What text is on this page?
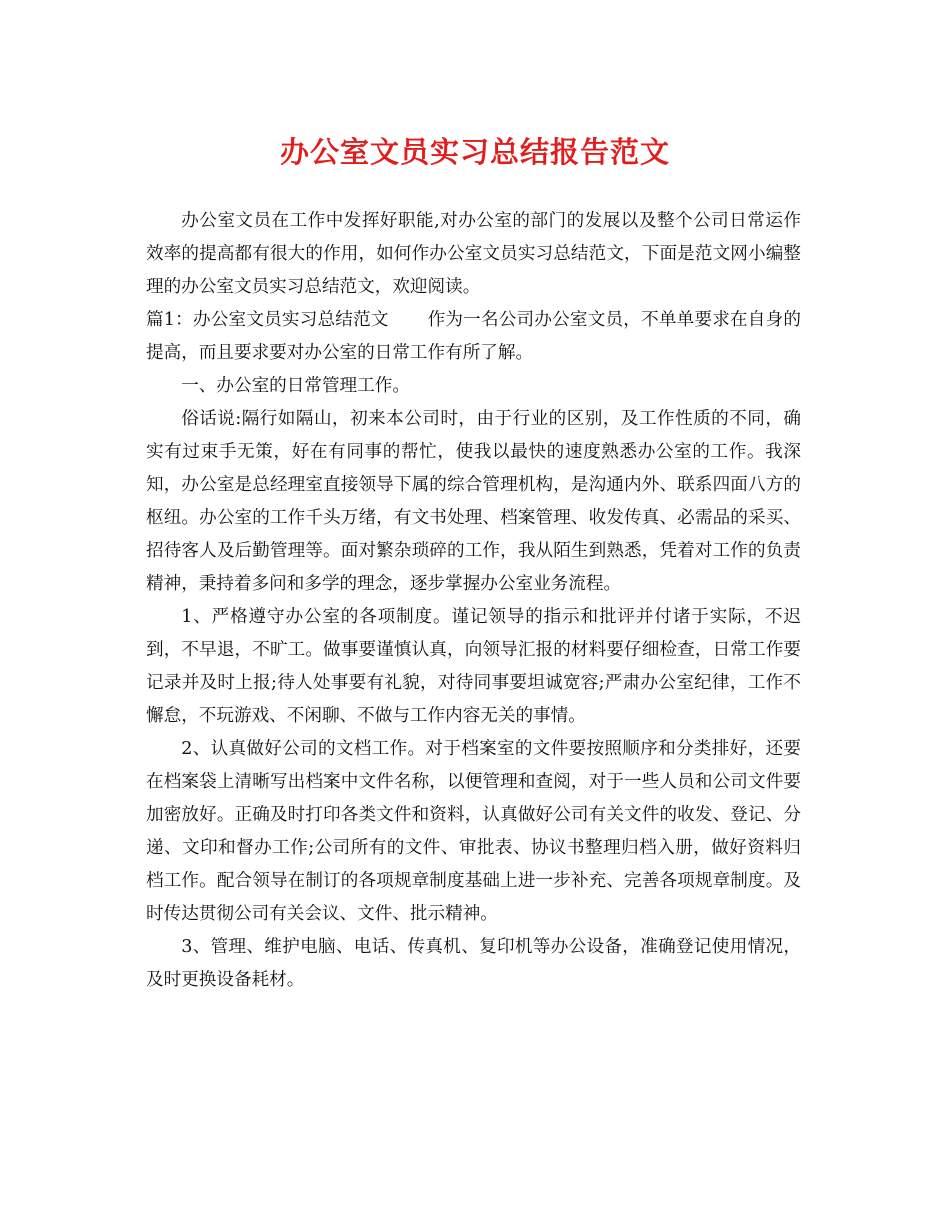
办公室文员实习总结报告范文

办公室文员在工作中发挥好职能,对办公室的部门的发展以及整个公司日常运作效率的提高都有很大的作用，如何作办公室文员实习总结范文，下面是范文网小编整理的办公室文员实习总结范文，欢迎阅读。

篇1：办公室文员实习总结范文 作为一名公司办公室文员，不单单要求在自身的提高，而且要求要对办公室的日常工作有所了解。

一、办公室的日常管理工作。

俗话说:隔行如隔山，初来本公司时，由于行业的区别，及工作性质的不同，确实有过束手无策，好在有同事的帮忙，使我以最快的速度熟悉办公室的工作。我深知，办公室是总经理室直接领导下属的综合管理机构，是沟通内外、联系四面八方的枢纽。办公室的工作千头万绪，有文书处理、档案管理、收发传真、必需品的采买、招待客人及后勤管理等。面对繁杂琐碎的工作，我从陌生到熟悉，凭着对工作的负责精神，秉持着多问和多学的理念，逐步掌握办公室业务流程。

1、严格遵守办公室的各项制度。谨记领导的指示和批评并付诸于实际，不迟到，不早退，不旷工。做事要谨慎认真，向领导汇报的材料要仔细检查，日常工作要记录并及时上报;待人处事要有礼貌，对待同事要坦诚宽容;严肃办公室纪律，工作不懈怠，不玩游戏、不闲聊、不做与工作内容无关的事情。

2、认真做好公司的文档工作。对于档案室的文件要按照顺序和分类排好，还要在档案袋上清晰写出档案中文件名称，以便管理和查阅，对于一些人员和公司文件要加密放好。正确及时打印各类文件和资料，认真做好公司有关文件的收发、登记、分递、文印和督办工作;公司所有的文件、审批表、协议书整理归档入册，做好资料归档工作。配合领导在制订的各项规章制度基础上进一步补充、完善各项规章制度。及时传达贯彻公司有关会议、文件、批示精神。

3、管理、维护电脑、电话、传真机、复印机等办公设备，准确登记使用情况，及时更换设备耗材。
